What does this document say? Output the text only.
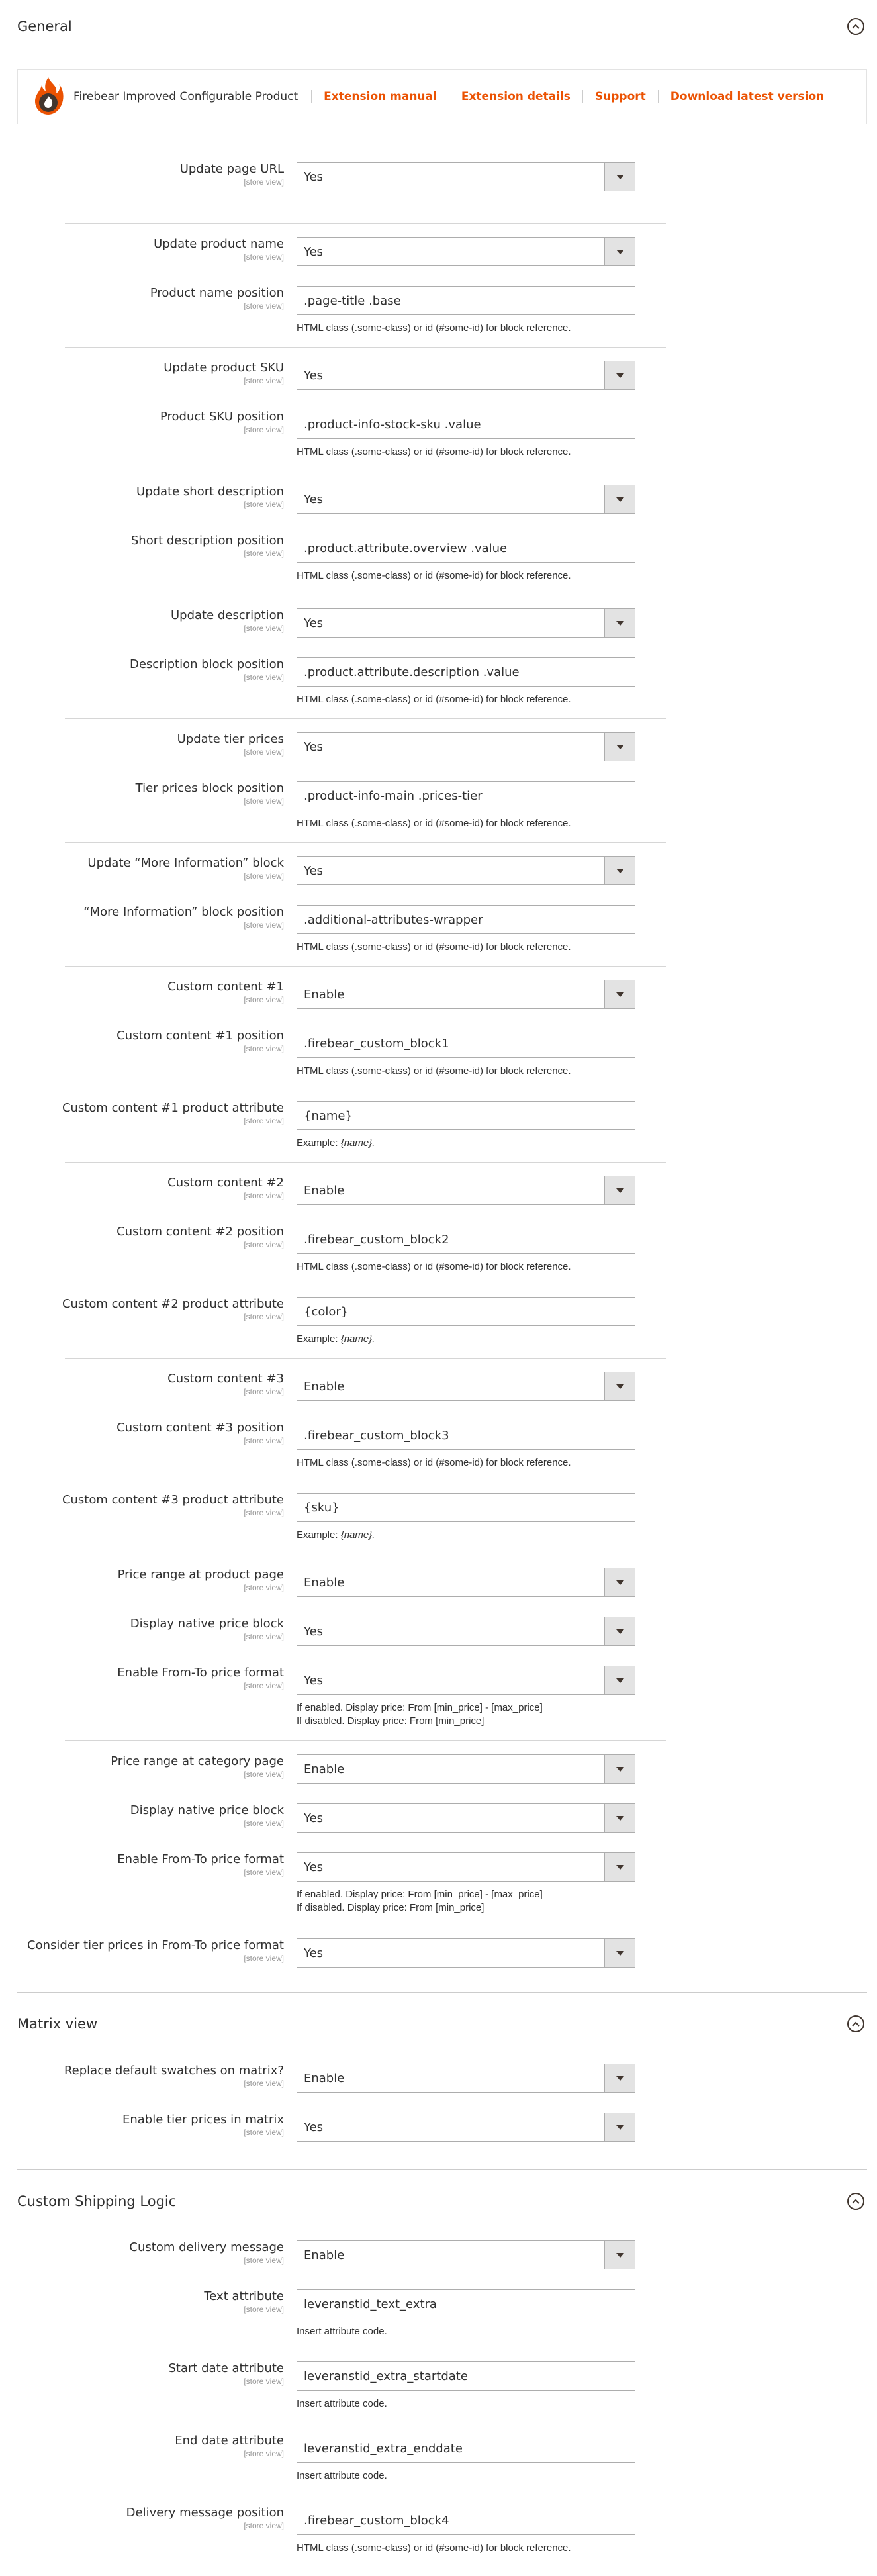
General
Firebear Improved Configurable Product	Extension manual	Extension details	Support	Download latest version
Update page URL
[store view] Yes
Update product name
[store view] Yes
Product name position
[store view] .page-title .base
HTML class (.some-class) or id (#some-id) for block reference.
Update product SKU
[store view] Yes
Product SKU position
[store view] .product-info-stock-sku .value
HTML class (.some-class) or id (#some-id) for block reference.
Update short description
[store view] Yes
Short description position
[store view] .product.attribute.overview .value
HTML class (.some-class) or id (#some-id) for block reference.
Update description
[store view] Yes
Description block position
[store view] .product.attribute.description .value
HTML class (.some-class) or id (#some-id) for block reference.
Update tier prices
[store view] Yes
Tier prices block position
[store view] .product-info-main .prices-tier
HTML class (.some-class) or id (#some-id) for block reference.
Update “More Information” block
[store view] Yes
“More Information” block position
[store view] .additional-attributes-wrapper
HTML class (.some-class) or id (#some-id) for block reference.
Custom content #1
[store view] Enable
Custom content #1 position
[store view] .firebear_custom_block1
HTML class (.some-class) or id (#some-id) for block reference.
Custom content #1 product attribute
[store view] {name}
Example: {name}.
Custom content #2
[store view] Enable
Custom content #2 position
[store view] .firebear_custom_block2
HTML class (.some-class) or id (#some-id) for block reference.
Custom content #2 product attribute
[store view] {color}
Example: {name}.
Custom content #3
[store view] Enable
Custom content #3 position
[store view] .firebear_custom_block3
HTML class (.some-class) or id (#some-id) for block reference.
Custom content #3 product attribute
[store view] {sku}
Example: {name}.
Price range at product page
[store view] Enable
Display native price block
[store view] Yes
Enable From-To price format
[store view] Yes
If enabled. Display price: From [min_price] - [max_price]
If disabled. Display price: From [min_price]
Price range at category page
[store view] Enable
Display native price block
[store view] Yes
Enable From-To price format
[store view] Yes
If enabled. Display price: From [min_price] - [max_price]
If disabled. Display price: From [min_price]
Consider tier prices in From-To price format
[store view] Yes
Replace default swatches on matrix?
[store view] Enable
Enable tier prices in matrix
[store view] Yes
Custom delivery message
[store view] Enable
Text attribute
[store view] leveranstid_text_extra
Insert attribute code.
Start date attribute
[store view] leveranstid_extra_startdate
Insert attribute code.
End date attribute
[store view] leveranstid_extra_enddate
Insert attribute code.
Delivery message position
[store view] .firebear_custom_block4
HTML class (.some-class) or id (#some-id) for block reference.
Matrix view
Custom Shipping Logic
